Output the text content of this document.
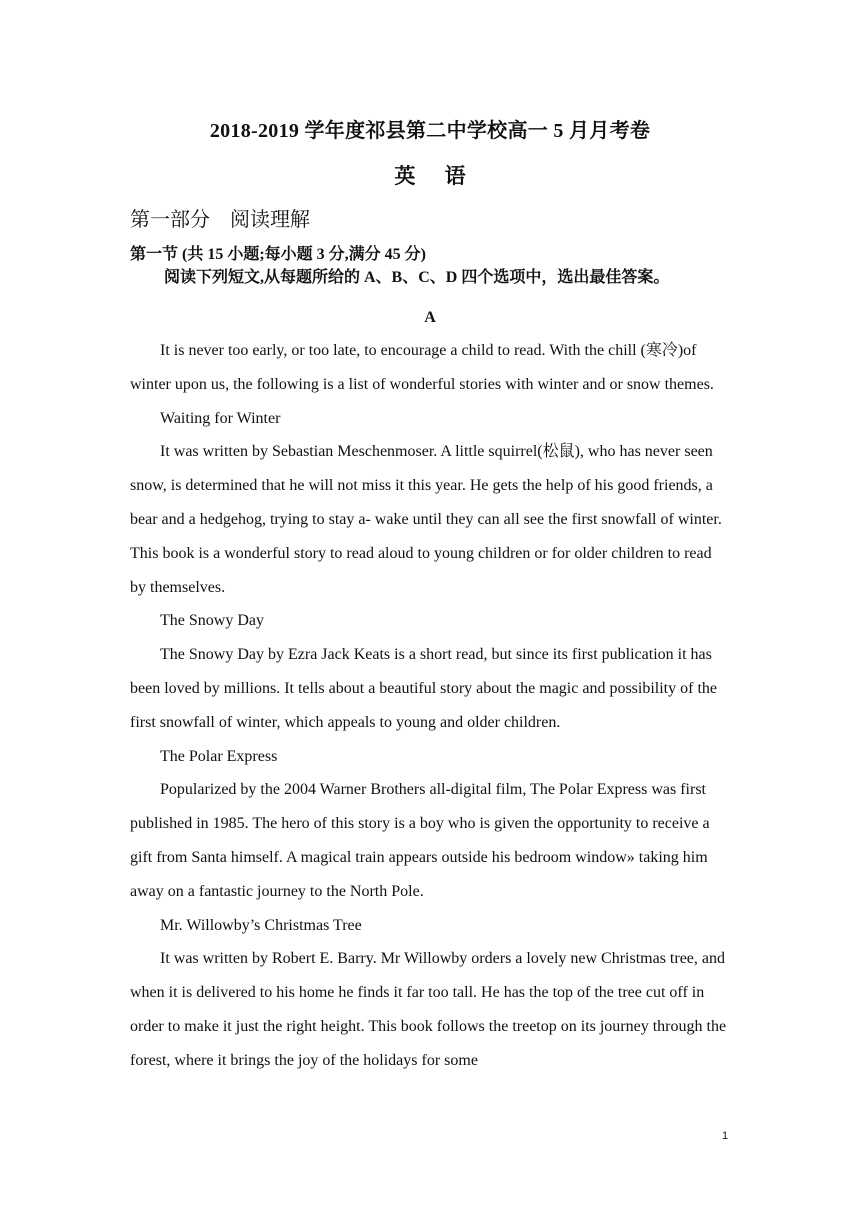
2018-2019 学年度祁县第二中学校高一 5 月月考卷
英 语
第一部分　阅读理解
第一节 (共 15 小题;每小题 3 分,满分 45 分)
阅读下列短文,从每题所给的 A、B、C、D 四个选项中，选出最佳答案。
A

It is never too early, or too late, to encourage a child to read. With the chill (寒冷)of winter upon us, the following is a list of wonderful stories with winter and or snow themes.

Waiting for Winter

It was written by Sebastian Meschenmoser. A little squirrel(松鼠), who has never seen snow, is determined that he will not miss it this year. He gets the help of his good friends, a bear and a hedgehog, trying to stay a- wake until they can all see the first snowfall of winter. This book is a wonderful story to read aloud to young children or for older children to read by themselves.

The Snowy Day

The Snowy Day by Ezra Jack Keats is a short read, but since its first publication it has been loved by millions. It tells about a beautiful story about the magic and possibility of the first snowfall of winter, which appeals to young and older children.

The Polar Express

Popularized by the 2004 Warner Brothers all-digital film, The Polar Express was first published in 1985. The hero of this story is a boy who is given the opportunity to receive a gift from Santa himself. A magical train appears outside his bedroom window» taking him away on a fantastic journey to the North Pole.

Mr. Willowby’s Christmas Tree

It was written by Robert E. Barry. Mr Willowby orders a lovely new Christmas tree, and when it is delivered to his home he finds it far too tall. He has the top of the tree cut off in order to make it just the right height. This book follows the treetop on its journey through the forest, where it brings the joy of the holidays for some

1
